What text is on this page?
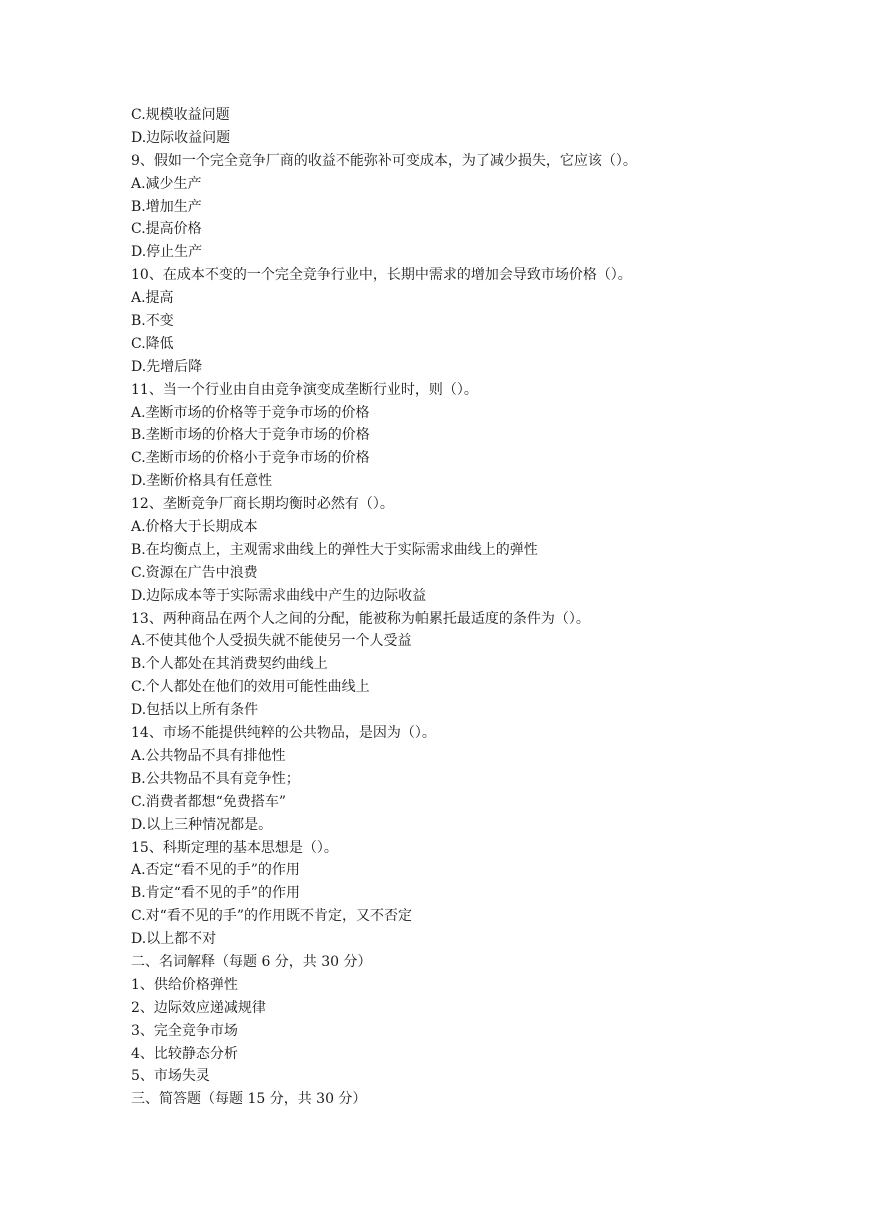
C.规模收益问题
D.边际收益问题
9、假如一个完全竞争厂商的收益不能弥补可变成本，为了减少损失，它应该（）。
A.减少生产
B.增加生产
C.提高价格
D.停止生产
10、在成本不变的一个完全竞争行业中，长期中需求的增加会导致市场价格（）。
A.提高
B.不变
C.降低
D.先增后降
11、当一个行业由自由竞争演变成垄断行业时，则（）。
A.垄断市场的价格等于竞争市场的价格
B.垄断市场的价格大于竞争市场的价格
C.垄断市场的价格小于竞争市场的价格
D.垄断价格具有任意性
12、垄断竞争厂商长期均衡时必然有（）。
A.价格大于长期成本
B.在均衡点上，主观需求曲线上的弹性大于实际需求曲线上的弹性
C.资源在广告中浪费
D.边际成本等于实际需求曲线中产生的边际收益
13、两种商品在两个人之间的分配，能被称为帕累托最适度的条件为（）。
A.不使其他个人受损失就不能使另一个人受益
B.个人都处在其消费契约曲线上
C.个人都处在他们的效用可能性曲线上
D.包括以上所有条件
14、市场不能提供纯粹的公共物品，是因为（）。
A.公共物品不具有排他性
B.公共物品不具有竞争性；
C.消费者都想“免费搭车”
D.以上三种情况都是。
15、科斯定理的基本思想是（）。
A.否定“看不见的手”的作用
B.肯定“看不见的手”的作用
C.对“看不见的手”的作用既不肯定，又不否定
D.以上都不对
二、名词解释（每题 6 分，共 30 分）
1、供给价格弹性
2、边际效应递减规律
3、完全竞争市场
4、比较静态分析
5、市场失灵
三、简答题（每题 15 分，共 30 分）
